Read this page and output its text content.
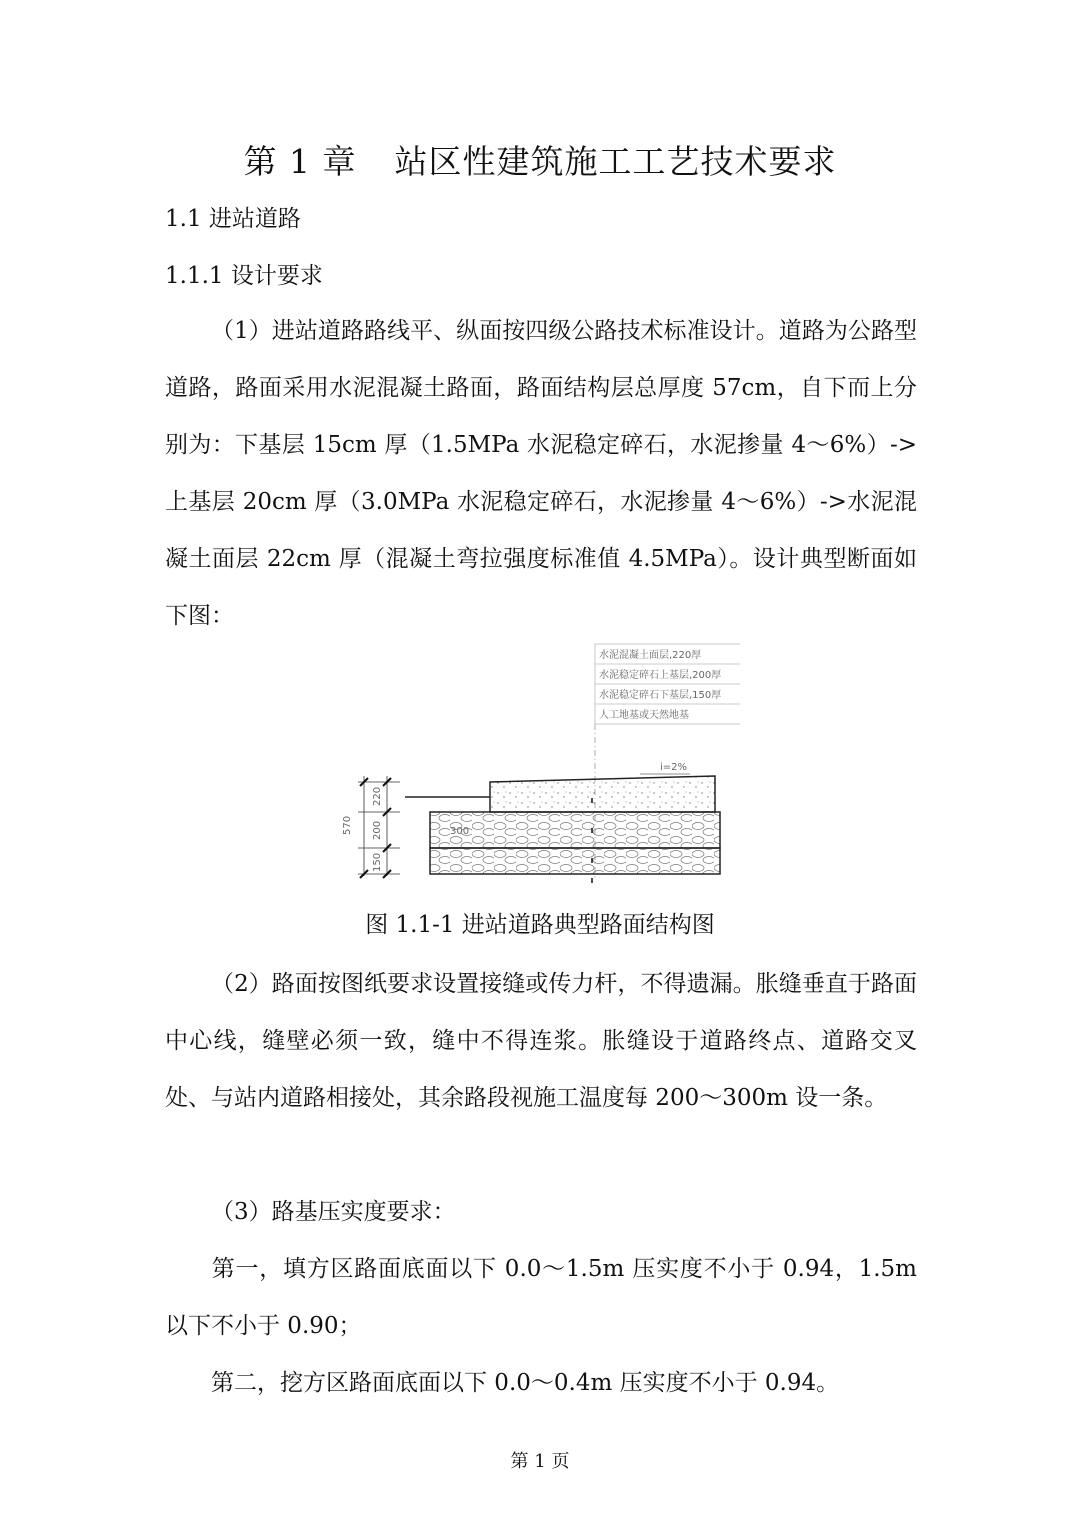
第 1 章 站区性建筑施工工艺技术要求
1.1 进站道路
1.1.1 设计要求

（1）进站道路路线平、纵面按四级公路技术标准设计。道路为公路型道路，路面采用水泥混凝土路面，路面结构层总厚度 57cm，自下而上分别为：下基层 15cm 厚（1.5MPa 水泥稳定碎石，水泥掺量 4～6%）->上基层 20cm 厚（3.0MPa 水泥稳定碎石，水泥掺量 4～6%）->水泥混凝土面层 22cm 厚（混凝土弯拉强度标准值 4.5MPa）。设计典型断面如下图：

水泥混凝土面层,220厚
水泥稳定碎石上基层,200厚
水泥稳定碎石下基层,150厚
人工地基或天然地基
i=2%
300
570
220
200
150
图 1.1-1 进站道路典型路面结构图

（2）路面按图纸要求设置接缝或传力杆，不得遗漏。胀缝垂直于路面中心线，缝壁必须一致，缝中不得连浆。胀缝设于道路终点、道路交叉处、与站内道路相接处，其余路段视施工温度每 200～300m 设一条。

（3）路基压实度要求：

第一，填方区路面底面以下 0.0～1.5m 压实度不小于 0.94，1.5m 以下不小于 0.90；

第二，挖方区路面底面以下 0.0～0.4m 压实度不小于 0.94。

第 1 页
